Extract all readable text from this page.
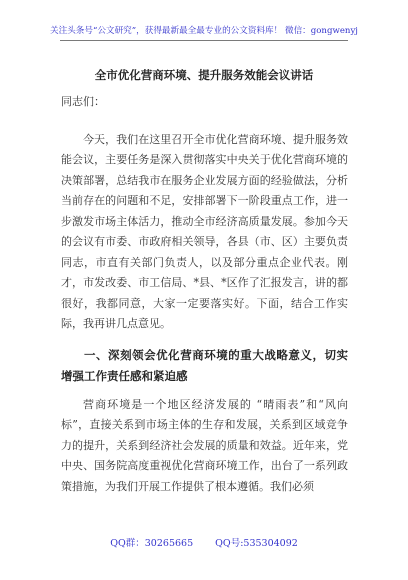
关注头条号“公文研究”，获得最新最全最专业的公文资料库！ 微信：gongwenyj
全市优化营商环境、提升服务效能会议讲话

同志们：

今天，我们在这里召开全市优化营商环境、提升服务效能会议，主要任务是深入贯彻落实中央关于优化营商环境的决策部署，总结我市在服务企业发展方面的经验做法，分析当前存在的问题和不足，安排部署下一阶段重点工作，进一步激发市场主体活力，推动全市经济高质量发展。参加今天的会议有市委、市政府相关领导，各县（市、区）主要负责同志，市直有关部门负责人，以及部分重点企业代表。刚才，市发改委、市工信局、*县、*区作了汇报发言，讲的都很好，我都同意，大家一定要落实好。下面，结合工作实际，我再讲几点意见。

一、深刻领会优化营商环境的重大战略意义，切实增强工作责任感和紧迫感

营商环境是一个地区经济发展的 “晴雨表”和“风向标”，直接关系到市场主体的生存和发展，关系到区域竞争力的提升，关系到经济社会发展的质量和效益。近年来，党中央、国务院高度重视优化营商环境工作，出台了一系列政策措施，为我们开展工作提供了根本遵循。我们必须

QQ群：30265665 QQ号:535304092
